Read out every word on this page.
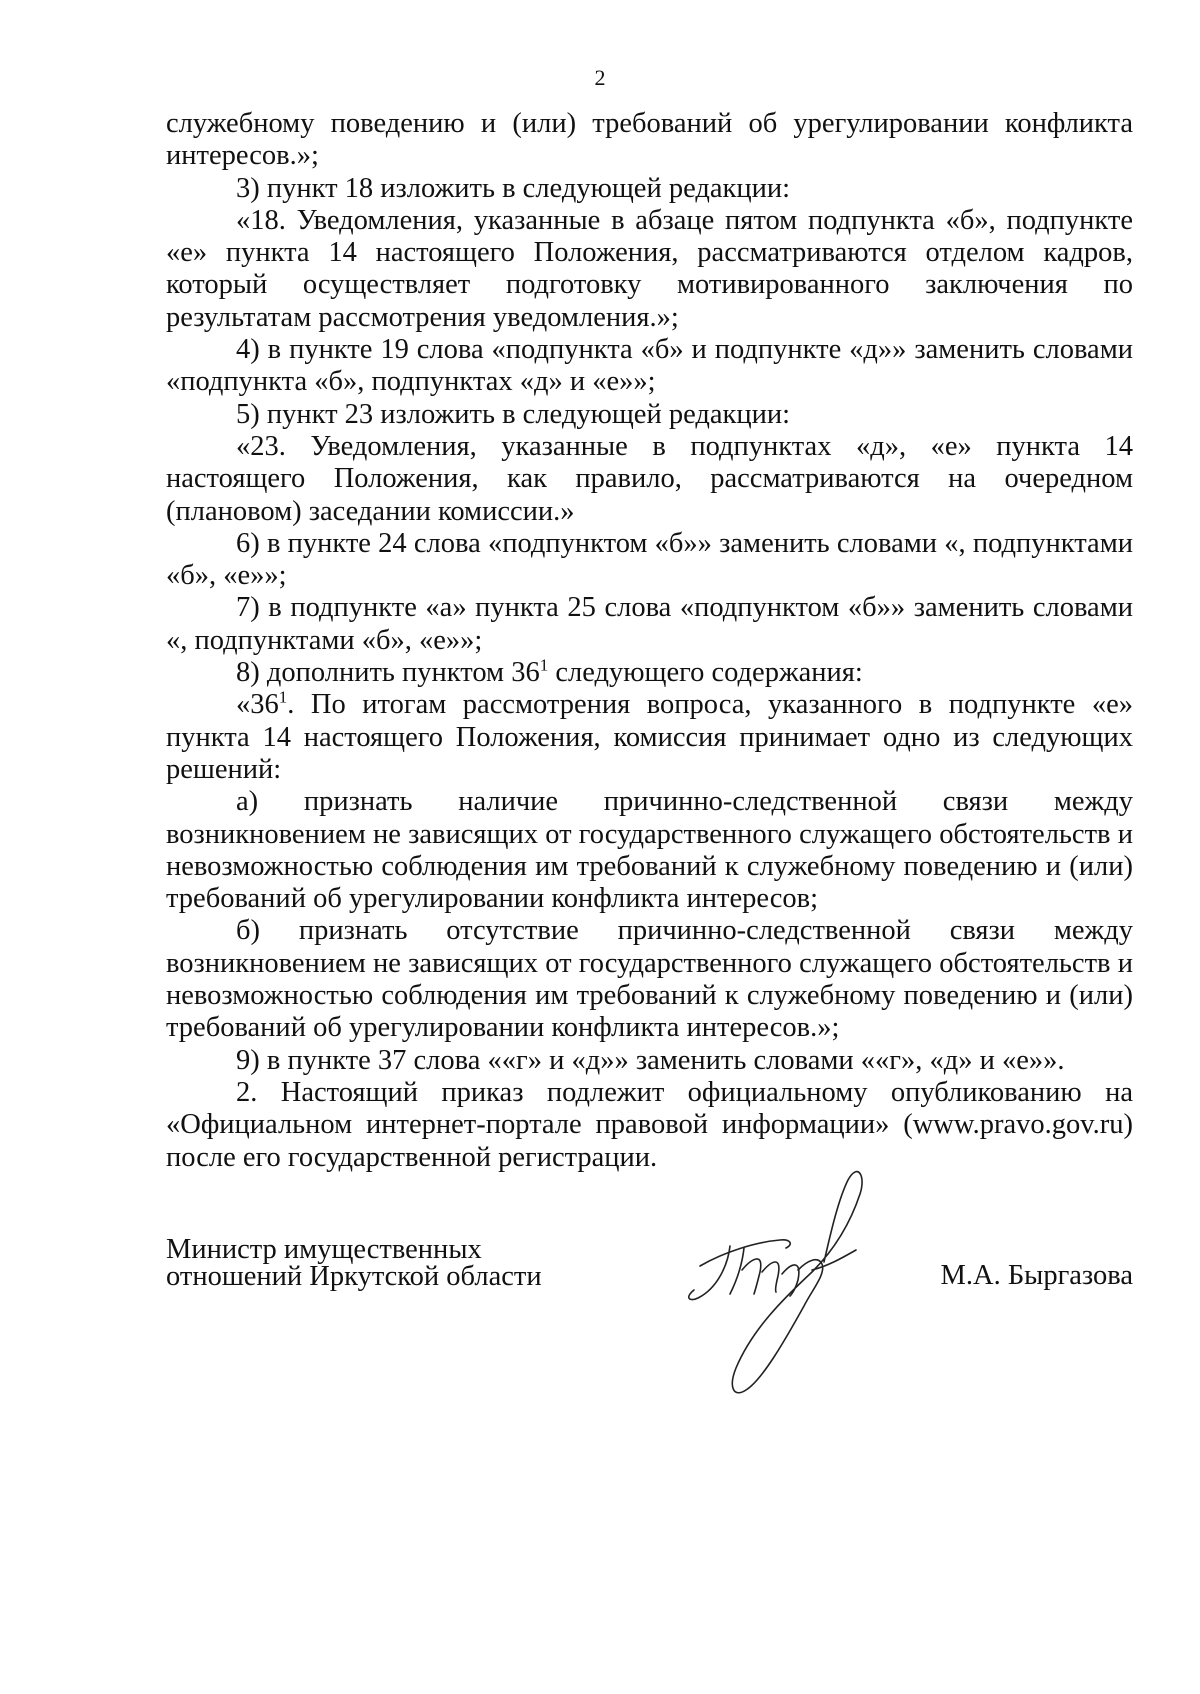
2

служебному поведению и (или) требований об урегулировании конфликта интересов.»;

3) пункт 18 изложить в следующей редакции:

«18. Уведомления, указанные в абзаце пятом подпункта «б», подпункте «е» пункта 14 настоящего Положения, рассматриваются отделом кадров, который осуществляет подготовку мотивированного заключения по результатам рассмотрения уведомления.»;

4) в пункте 19 слова «подпункта «б» и подпункте «д»» заменить словами «подпункта «б», подпунктах «д» и «е»»;

5) пункт 23 изложить в следующей редакции:

«23. Уведомления, указанные в подпунктах «д», «е» пункта 14 настоящего Положения, как правило, рассматриваются на очередном (плановом) заседании комиссии.»

6) в пункте 24 слова «подпунктом «б»» заменить словами «, подпунктами «б», «е»»;

7) в подпункте «а» пункта 25 слова «подпунктом «б»» заменить словами «, подпунктами «б», «е»»;

8) дополнить пунктом $36^1$ следующего содержания:

«$36^1$. По итогам рассмотрения вопроса, указанного в подпункте «е» пункта 14 настоящего Положения, комиссия принимает одно из следующих решений:

а) признать наличие причинно-следственной связи между возникновением не зависящих от государственного служащего обстоятельств и невозможностью соблюдения им требований к служебному поведению и (или) требований об урегулировании конфликта интересов;

б) признать отсутствие причинно-следственной связи между возникновением не зависящих от государственного служащего обстоятельств и невозможностью соблюдения им требований к служебному поведению и (или) требований об урегулировании конфликта интересов.»;

9) в пункте 37 слова ««г» и «д»» заменить словами ««г», «д» и «е»».

2. Настоящий приказ подлежит официальному опубликованию на «Официальном интернет-портале правовой информации» (www.pravo.gov.ru) после его государственной регистрации.

Министр имущественных
отношений Иркутской области	М.А. Быргазова
